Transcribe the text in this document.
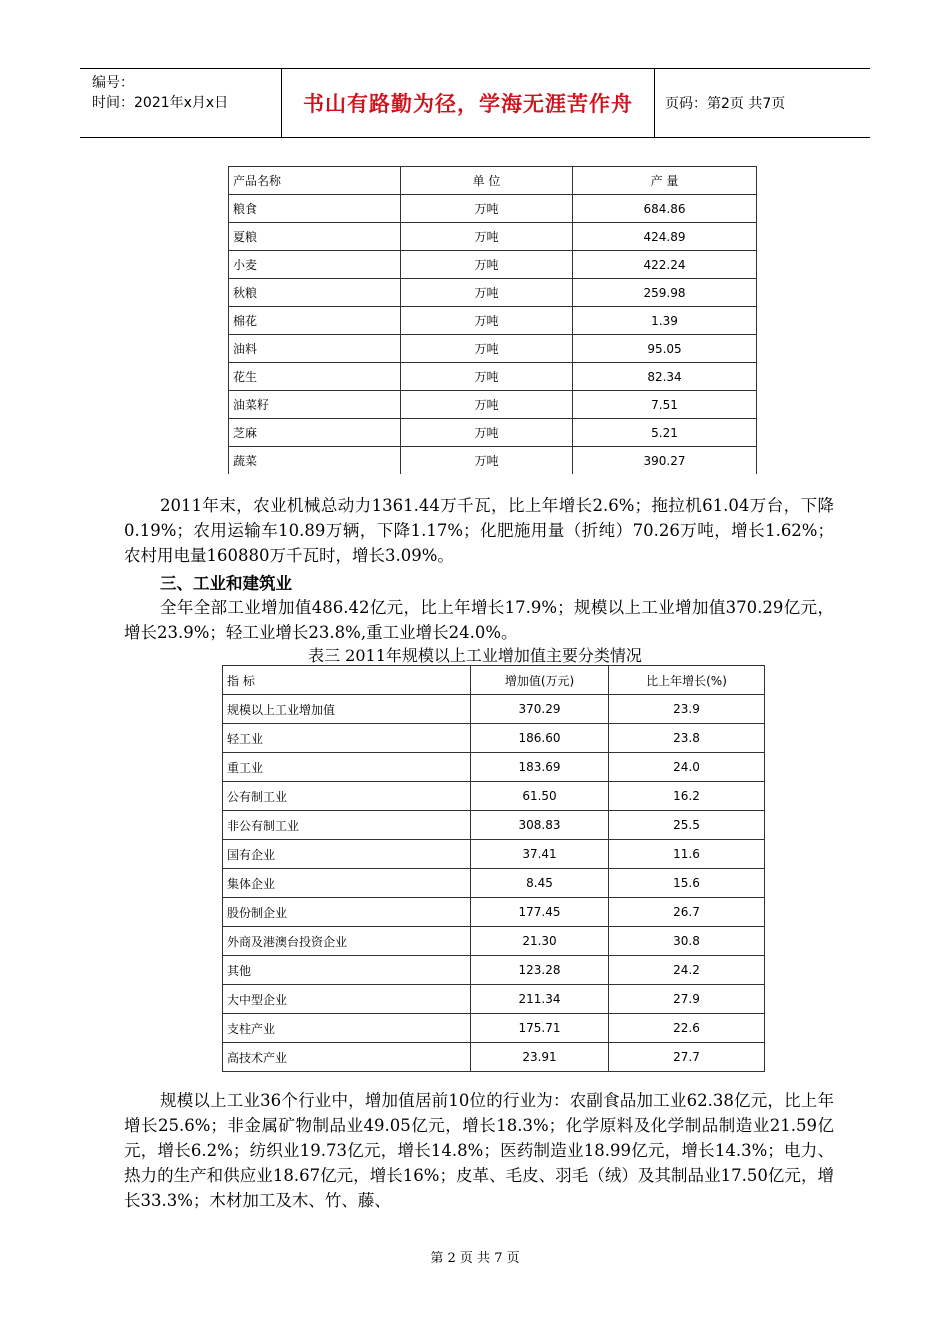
编号：
时间：2021年x月x日	书山有路勤为径，学海无涯苦作舟	页码：第2页 共7页
产品名称	单 位	产 量
粮食	万吨	684.86
夏粮	万吨	424.89
小麦	万吨	422.24
秋粮	万吨	259.98
棉花	万吨	1.39
油料	万吨	95.05
花生	万吨	82.34
油菜籽	万吨	7.51
芝麻	万吨	5.21
蔬菜	万吨	390.27

2011年末，农业机械总动力1361.44万千瓦，比上年增长2.6%；拖拉机61.04万台，下降0.19%；农用运输车10.89万辆，下降1.17%；化肥施用量（折纯）70.26万吨，增长1.62%；农村用电量160880万千瓦时，增长3.09%。

三、工业和建筑业

全年全部工业增加值486.42亿元，比上年增长17.9%；规模以上工业增加值370.29亿元，增长23.9%；轻工业增长23.8%,重工业增长24.0%。

表三 2011年规模以上工业增加值主要分类情况

指 标	增加值(万元)	比上年增长(%)
规模以上工业增加值	370.29	23.9
轻工业	186.60	23.8
重工业	183.69	24.0
公有制工业	61.50	16.2
非公有制工业	308.83	25.5
国有企业	37.41	11.6
集体企业	8.45	15.6
股份制企业	177.45	26.7
外商及港澳台投资企业	21.30	30.8
其他	123.28	24.2
大中型企业	211.34	27.9
支柱产业	175.71	22.6
高技术产业	23.91	27.7

规模以上工业36个行业中，增加值居前10位的行业为：农副食品加工业62.38亿元，比上年增长25.6%；非金属矿物制品业49.05亿元，增长18.3%；化学原料及化学制品制造业21.59亿元，增长6.2%；纺织业19.73亿元，增长14.8%；医药制造业18.99亿元，增长14.3%；电力、热力的生产和供应业18.67亿元，增长16%；皮革、毛皮、羽毛（绒）及其制品业17.50亿元，增长33.3%；木材加工及木、竹、藤、

第 2 页 共 7 页
